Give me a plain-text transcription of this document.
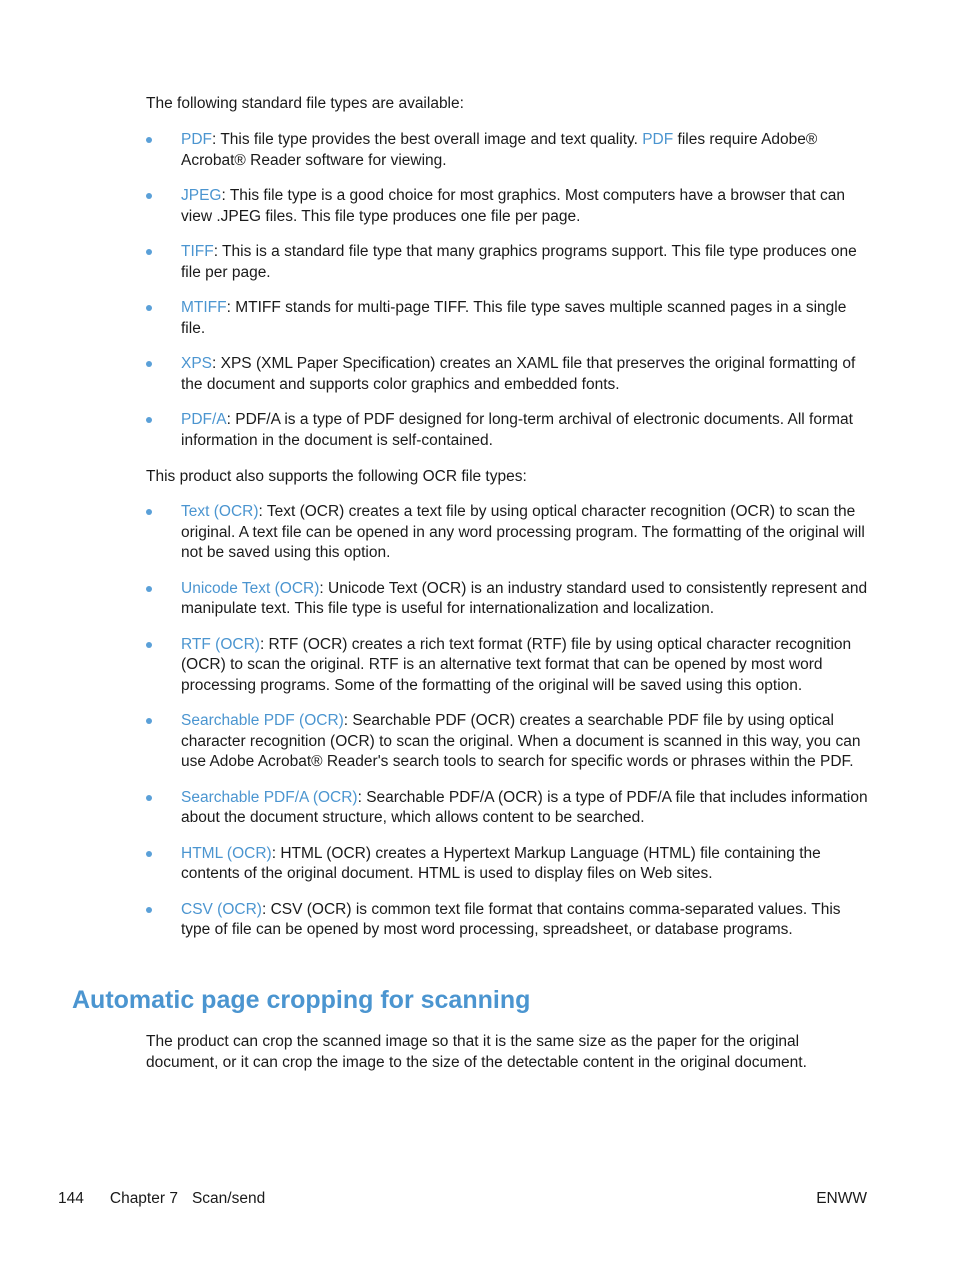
The following standard file types are available:

PDF: This file type provides the best overall image and text quality. PDF files require Adobe® Acrobat® Reader software for viewing.
JPEG: This file type is a good choice for most graphics. Most computers have a browser that can view .JPEG files. This file type produces one file per page.
TIFF: This is a standard file type that many graphics programs support. This file type produces one file per page.
MTIFF: MTIFF stands for multi-page TIFF. This file type saves multiple scanned pages in a single file.
XPS: XPS (XML Paper Specification) creates an XAML file that preserves the original formatting of the document and supports color graphics and embedded fonts.
PDF/A: PDF/A is a type of PDF designed for long-term archival of electronic documents. All format information in the document is self-contained.

This product also supports the following OCR file types:

Text (OCR): Text (OCR) creates a text file by using optical character recognition (OCR) to scan the original. A text file can be opened in any word processing program. The formatting of the original will not be saved using this option.
Unicode Text (OCR): Unicode Text (OCR) is an industry standard used to consistently represent and manipulate text. This file type is useful for internationalization and localization.
RTF (OCR): RTF (OCR) creates a rich text format (RTF) file by using optical character recognition (OCR) to scan the original. RTF is an alternative text format that can be opened by most word processing programs. Some of the formatting of the original will be saved using this option.
Searchable PDF (OCR): Searchable PDF (OCR) creates a searchable PDF file by using optical character recognition (OCR) to scan the original. When a document is scanned in this way, you can use Adobe Acrobat® Reader's search tools to search for specific words or phrases within the PDF.
Searchable PDF/A (OCR): Searchable PDF/A (OCR) is a type of PDF/A file that includes information about the document structure, which allows content to be searched.
HTML (OCR): HTML (OCR) creates a Hypertext Markup Language (HTML) file containing the contents of the original document. HTML is used to display files on Web sites.
CSV (OCR): CSV (OCR) is common text file format that contains comma-separated values. This type of file can be opened by most word processing, spreadsheet, or database programs.
Automatic page cropping for scanning

The product can crop the scanned image so that it is the same size as the paper for the original document, or it can crop the image to the size of the detectable content in the original document.

144 Chapter 7 Scan/send	ENWW
